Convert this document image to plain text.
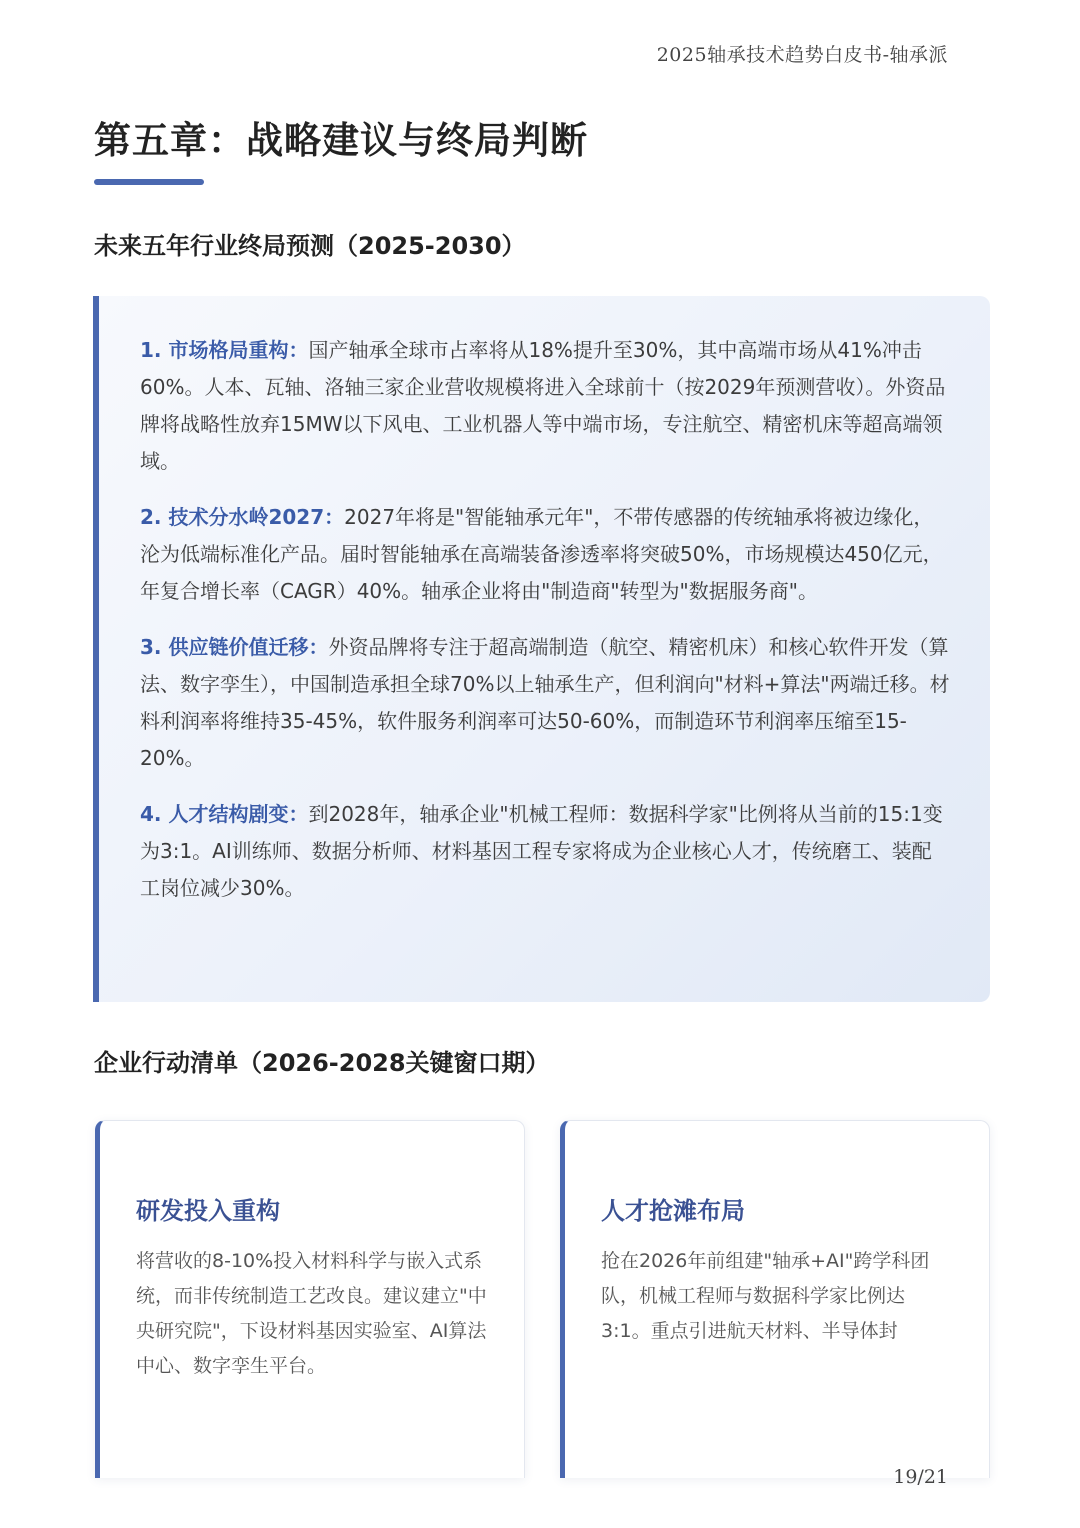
2025轴承技术趋势白皮书-轴承派
第五章：战略建议与终局判断
未来五年行业终局预测（2025-2030）

1. 市场格局重构：国产轴承全球市占率将从18%提升至30%，其中高端市场从41%冲击60%。人本、瓦轴、洛轴三家企业营收规模将进入全球前十（按2029年预测营收）。外资品牌将战略性放弃15MW以下风电、工业机器人等中端市场，专注航空、精密机床等超高端领域。

2. 技术分水岭2027：2027年将是"智能轴承元年"，不带传感器的传统轴承将被边缘化，沦为低端标准化产品。届时智能轴承在高端装备渗透率将突破50%，市场规模达450亿元，年复合增长率（CAGR）40%。轴承企业将由"制造商"转型为"数据服务商"。

3. 供应链价值迁移：外资品牌将专注于超高端制造（航空、精密机床）和核心软件开发（算法、数字孪生），中国制造承担全球70%以上轴承生产，但利润向"材料+算法"两端迁移。材料利润率将维持35-45%，软件服务利润率可达50-60%，而制造环节利润率压缩至15-20%。

4. 人才结构剧变：到2028年，轴承企业"机械工程师：数据科学家"比例将从当前的15:1变为3:1。AI训练师、数据分析师、材料基因工程专家将成为企业核心人才，传统磨工、装配工岗位减少30%。

企业行动清单（2026-2028关键窗口期）
研发投入重构

将营收的8-10%投入材料科学与嵌入式系统，而非传统制造工艺改良。建议建立"中央研究院"，下设材料基因实验室、AI算法中心、数字孪生平台。

人才抢滩布局

抢在2026年前组建"轴承+AI"跨学科团队，机械工程师与数据科学家比例达3:1。重点引进航天材料、半导体封

19/21
